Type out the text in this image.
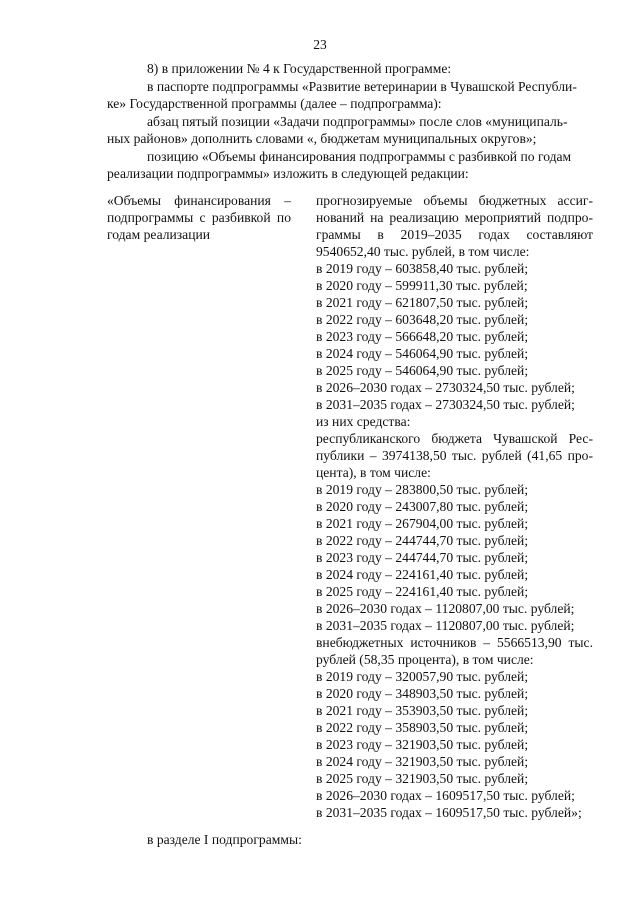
23
8) в приложении № 4 к Государственной программе:
в паспорте подпрограммы «Развитие ветеринарии в Чувашской Республи-
ке» Государственной программы (далее – подпрограмма):
абзац пятый позиции «Задачи подпрограммы» после слов «муниципаль-
ных районов» дополнить словами «, бюджетам муниципальных округов»;
позицию «Объемы финансирования подпрограммы с разбивкой по годам
реализации подпрограммы» изложить в следующей редакции:
«Объемы финансирования –
подпрограммы с разбивкой по
годам реализации
прогнозируемые объемы бюджетных ассиг-
нований на реализацию мероприятий подпро-
граммы в 2019–2035 годах составляют
9540652,40 тыс. рублей, в том числе:
в 2019 году – 603858,40 тыс. рублей;
в 2020 году – 599911,30 тыс. рублей;
в 2021 году – 621807,50 тыс. рублей;
в 2022 году – 603648,20 тыс. рублей;
в 2023 году – 566648,20 тыс. рублей;
в 2024 году – 546064,90 тыс. рублей;
в 2025 году – 546064,90 тыс. рублей;
в 2026–2030 годах – 2730324,50 тыс. рублей;
в 2031–2035 годах – 2730324,50 тыс. рублей;
из них средства:
республиканского бюджета Чувашской Рес-
публики – 3974138,50 тыс. рублей (41,65 про-
цента), в том числе:
в 2019 году – 283800,50 тыс. рублей;
в 2020 году – 243007,80 тыс. рублей;
в 2021 году – 267904,00 тыс. рублей;
в 2022 году – 244744,70 тыс. рублей;
в 2023 году – 244744,70 тыс. рублей;
в 2024 году – 224161,40 тыс. рублей;
в 2025 году – 224161,40 тыс. рублей;
в 2026–2030 годах – 1120807,00 тыс. рублей;
в 2031–2035 годах – 1120807,00 тыс. рублей;
внебюджетных источников – 5566513,90 тыс.
рублей (58,35 процента), в том числе:
в 2019 году – 320057,90 тыс. рублей;
в 2020 году – 348903,50 тыс. рублей;
в 2021 году – 353903,50 тыс. рублей;
в 2022 году – 358903,50 тыс. рублей;
в 2023 году – 321903,50 тыс. рублей;
в 2024 году – 321903,50 тыс. рублей;
в 2025 году – 321903,50 тыс. рублей;
в 2026–2030 годах – 1609517,50 тыс. рублей;
в 2031–2035 годах – 1609517,50 тыс. рублей»;
в разделе I подпрограммы:
